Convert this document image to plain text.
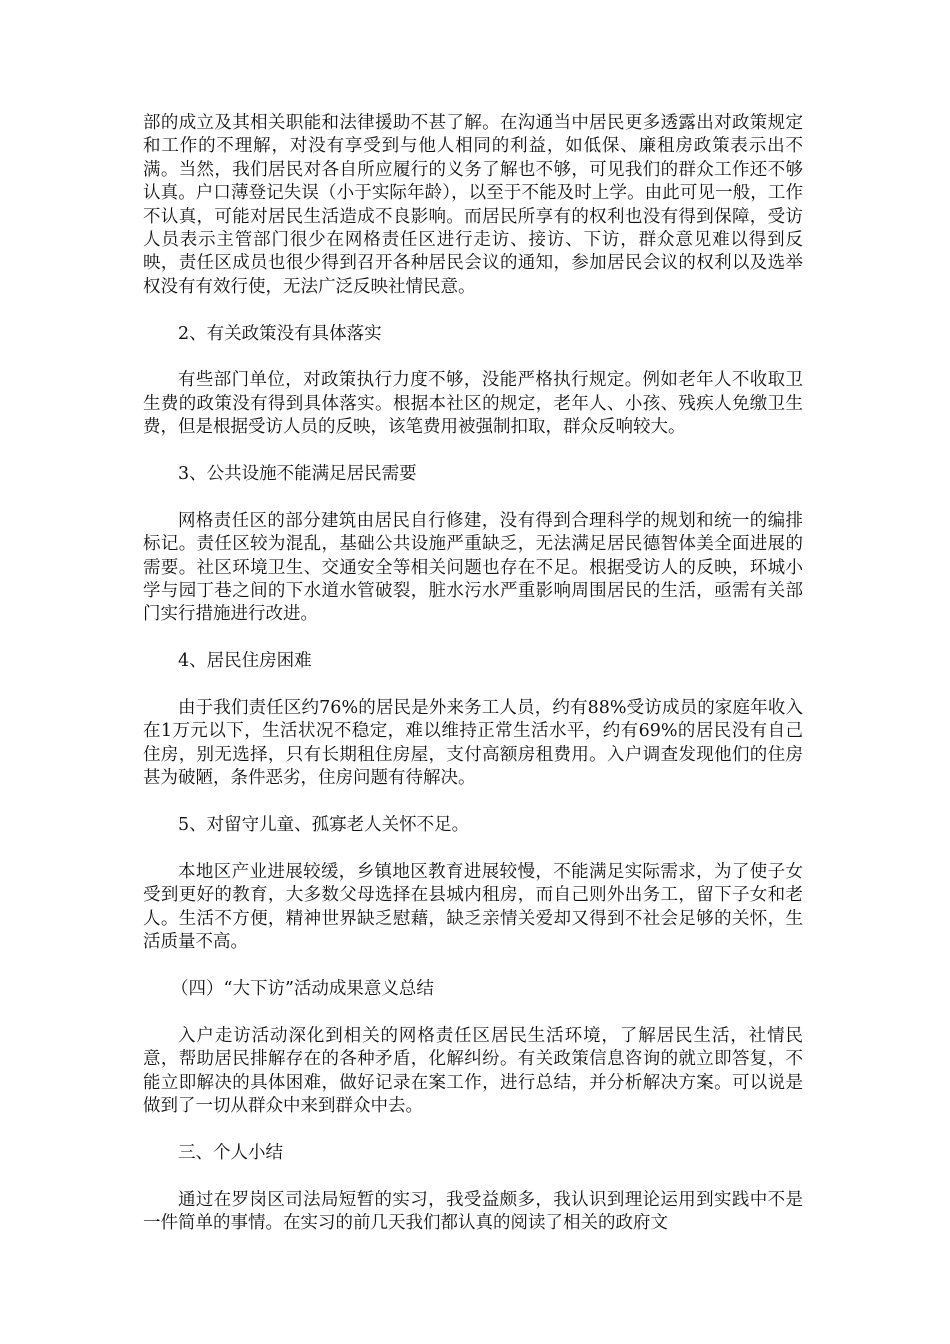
部的成立及其相关职能和法律援助不甚了解。在沟通当中居民更多透露出对政策规定和工作的不理解，对没有享受到与他人相同的利益，如低保、廉租房政策表示出不满。当然，我们居民对各自所应履行的义务了解也不够，可见我们的群众工作还不够认真。户口薄登记失误（小于实际年龄），以至于不能及时上学。由此可见一般，工作不认真，可能对居民生活造成不良影响。而居民所享有的权利也没有得到保障，受访人员表示主管部门很少在网格责任区进行走访、接访、下访，群众意见难以得到反映，责任区成员也很少得到召开各种居民会议的通知，参加居民会议的权利以及选举权没有有效行使，无法广泛反映社情民意。

2、有关政策没有具体落实

有些部门单位，对政策执行力度不够，没能严格执行规定。例如老年人不收取卫生费的政策没有得到具体落实。根据本社区的规定，老年人、小孩、残疾人免缴卫生费，但是根据受访人员的反映，该笔费用被强制扣取，群众反响较大。

3、公共设施不能满足居民需要

网格责任区的部分建筑由居民自行修建，没有得到合理科学的规划和统一的编排标记。责任区较为混乱，基础公共设施严重缺乏，无法满足居民德智体美全面进展的需要。社区环境卫生、交通安全等相关问题也存在不足。根据受访人的反映，环城小学与园丁巷之间的下水道水管破裂，脏水污水严重影响周围居民的生活，亟需有关部门实行措施进行改进。

4、居民住房困难

由于我们责任区约76%的居民是外来务工人员，约有88%受访成员的家庭年收入在1万元以下，生活状况不稳定，难以维持正常生活水平，约有69%的居民没有自己住房，别无选择，只有长期租住房屋，支付高额房租费用。入户调查发现他们的住房甚为破陋，条件恶劣，住房问题有待解决。

5、对留守儿童、孤寡老人关怀不足。

本地区产业进展较缓，乡镇地区教育进展较慢，不能满足实际需求，为了使子女受到更好的教育，大多数父母选择在县城内租房，而自己则外出务工，留下子女和老人。生活不方便，精神世界缺乏慰藉，缺乏亲情关爱却又得到不社会足够的关怀，生活质量不高。

（四）“大下访”活动成果意义总结

入户走访活动深化到相关的网格责任区居民生活环境，了解居民生活，社情民意，帮助居民排解存在的各种矛盾，化解纠纷。有关政策信息咨询的就立即答复，不能立即解决的具体困难，做好记录在案工作，进行总结，并分析解决方案。可以说是做到了一切从群众中来到群众中去。

三、个人小结

通过在罗岗区司法局短暂的实习，我受益颇多，我认识到理论运用到实践中不是一件简单的事情。在实习的前几天我们都认真的阅读了相关的政府文
